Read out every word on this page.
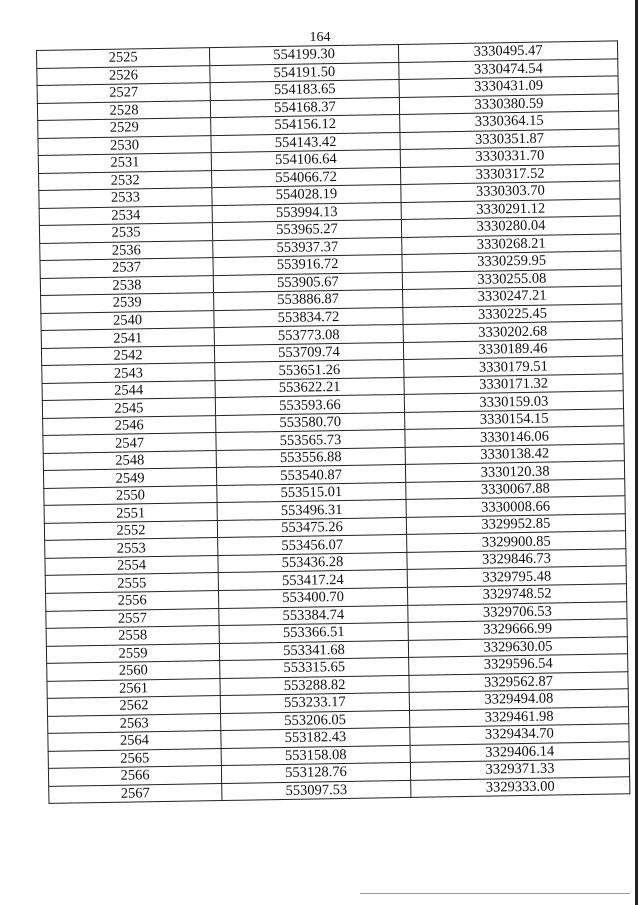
164
2525	554199.30	3330495.47
2526	554191.50	3330474.54
2527	554183.65	3330431.09
2528	554168.37	3330380.59
2529	554156.12	3330364.15
2530	554143.42	3330351.87
2531	554106.64	3330331.70
2532	554066.72	3330317.52
2533	554028.19	3330303.70
2534	553994.13	3330291.12
2535	553965.27	3330280.04
2536	553937.37	3330268.21
2537	553916.72	3330259.95
2538	553905.67	3330255.08
2539	553886.87	3330247.21
2540	553834.72	3330225.45
2541	553773.08	3330202.68
2542	553709.74	3330189.46
2543	553651.26	3330179.51
2544	553622.21	3330171.32
2545	553593.66	3330159.03
2546	553580.70	3330154.15
2547	553565.73	3330146.06
2548	553556.88	3330138.42
2549	553540.87	3330120.38
2550	553515.01	3330067.88
2551	553496.31	3330008.66
2552	553475.26	3329952.85
2553	553456.07	3329900.85
2554	553436.28	3329846.73
2555	553417.24	3329795.48
2556	553400.70	3329748.52
2557	553384.74	3329706.53
2558	553366.51	3329666.99
2559	553341.68	3329630.05
2560	553315.65	3329596.54
2561	553288.82	3329562.87
2562	553233.17	3329494.08
2563	553206.05	3329461.98
2564	553182.43	3329434.70
2565	553158.08	3329406.14
2566	553128.76	3329371.33
2567	553097.53	3329333.00
